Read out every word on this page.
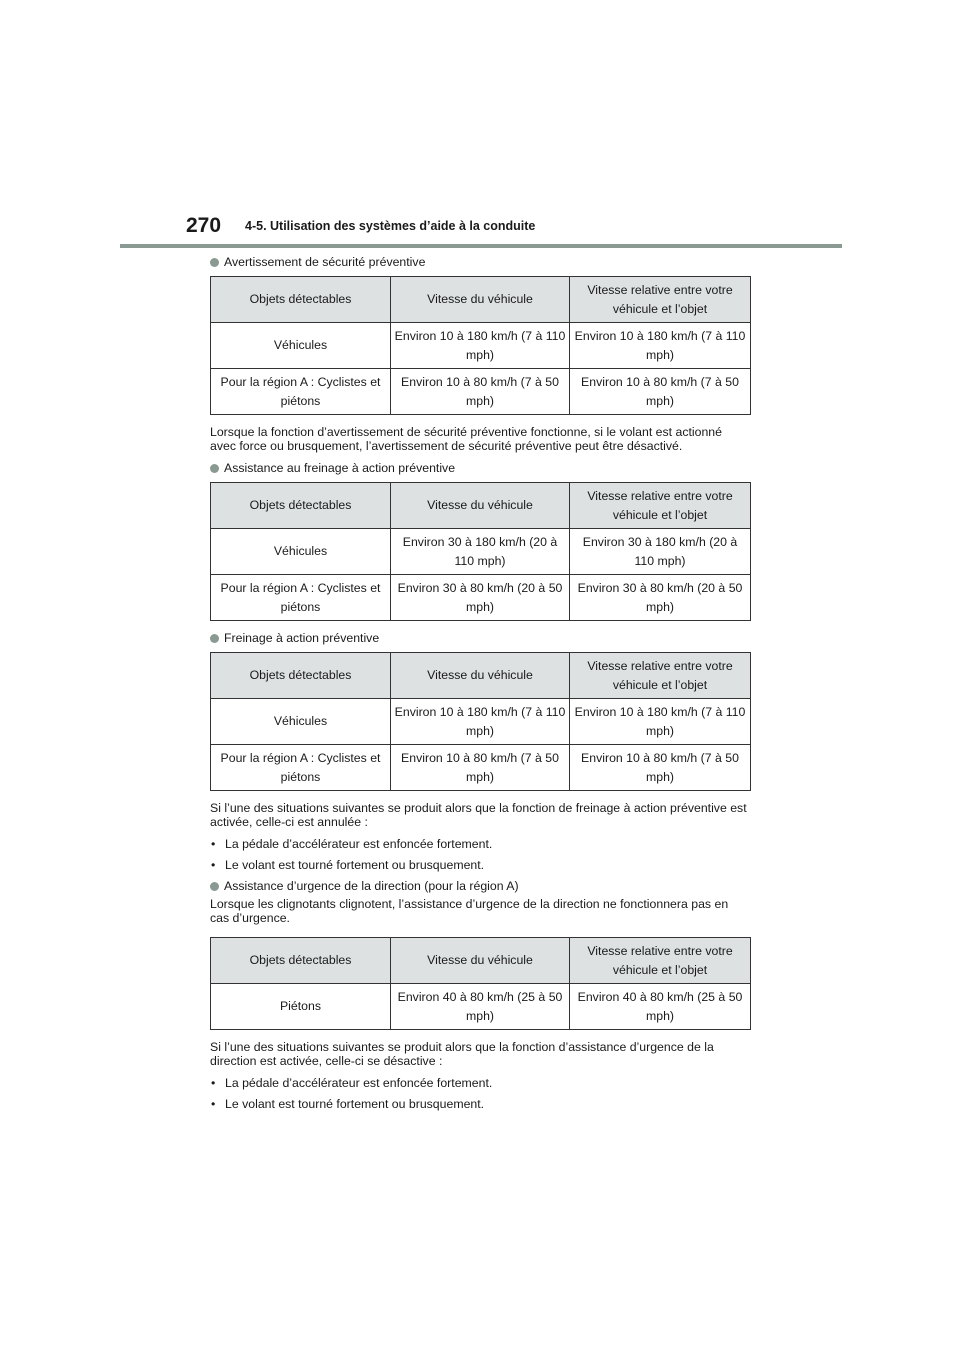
270 4-5. Utilisation des systèmes d’aide à la conduite
Avertissement de sécurité préventive
Objets détectables	Vitesse du véhicule	Vitesse relative entre votre véhicule et l’objet
Véhicules	Environ 10 à 180 km/h (7 à 110 mph)	Environ 10 à 180 km/h (7 à 110 mph)
Pour la région A : Cyclistes et piétons	Environ 10 à 80 km/h (7 à 50 mph)	Environ 10 à 80 km/h (7 à 50 mph)

Lorsque la fonction d’avertissement de sécurité préventive fonctionne, si le volant est actionné avec force ou brusquement, l’avertissement de sécurité préventive peut être désactivé.

Assistance au freinage à action préventive
Objets détectables	Vitesse du véhicule	Vitesse relative entre votre véhicule et l’objet
Véhicules	Environ 30 à 180 km/h (20 à 110 mph)	Environ 30 à 180 km/h (20 à 110 mph)
Pour la région A : Cyclistes et piétons	Environ 30 à 80 km/h (20 à 50 mph)	Environ 30 à 80 km/h (20 à 50 mph)
Freinage à action préventive
Objets détectables	Vitesse du véhicule	Vitesse relative entre votre véhicule et l’objet
Véhicules	Environ 10 à 180 km/h (7 à 110 mph)	Environ 10 à 180 km/h (7 à 110 mph)
Pour la région A : Cyclistes et piétons	Environ 10 à 80 km/h (7 à 50 mph)	Environ 10 à 80 km/h (7 à 50 mph)

Si l’une des situations suivantes se produit alors que la fonction de freinage à action préventive est activée, celle-ci est annulée :

• La pédale d’accélérateur est enfoncée fortement.
• Le volant est tourné fortement ou brusquement.
Assistance d’urgence de la direction (pour la région A)

Lorsque les clignotants clignotent, l’assistance d’urgence de la direction ne fonctionnera pas en cas d’urgence.

Objets détectables	Vitesse du véhicule	Vitesse relative entre votre véhicule et l’objet
Piétons	Environ 40 à 80 km/h (25 à 50 mph)	Environ 40 à 80 km/h (25 à 50 mph)

Si l’une des situations suivantes se produit alors que la fonction d’assistance d’urgence de la direction est activée, celle-ci se désactive :

• La pédale d’accélérateur est enfoncée fortement.
• Le volant est tourné fortement ou brusquement.
